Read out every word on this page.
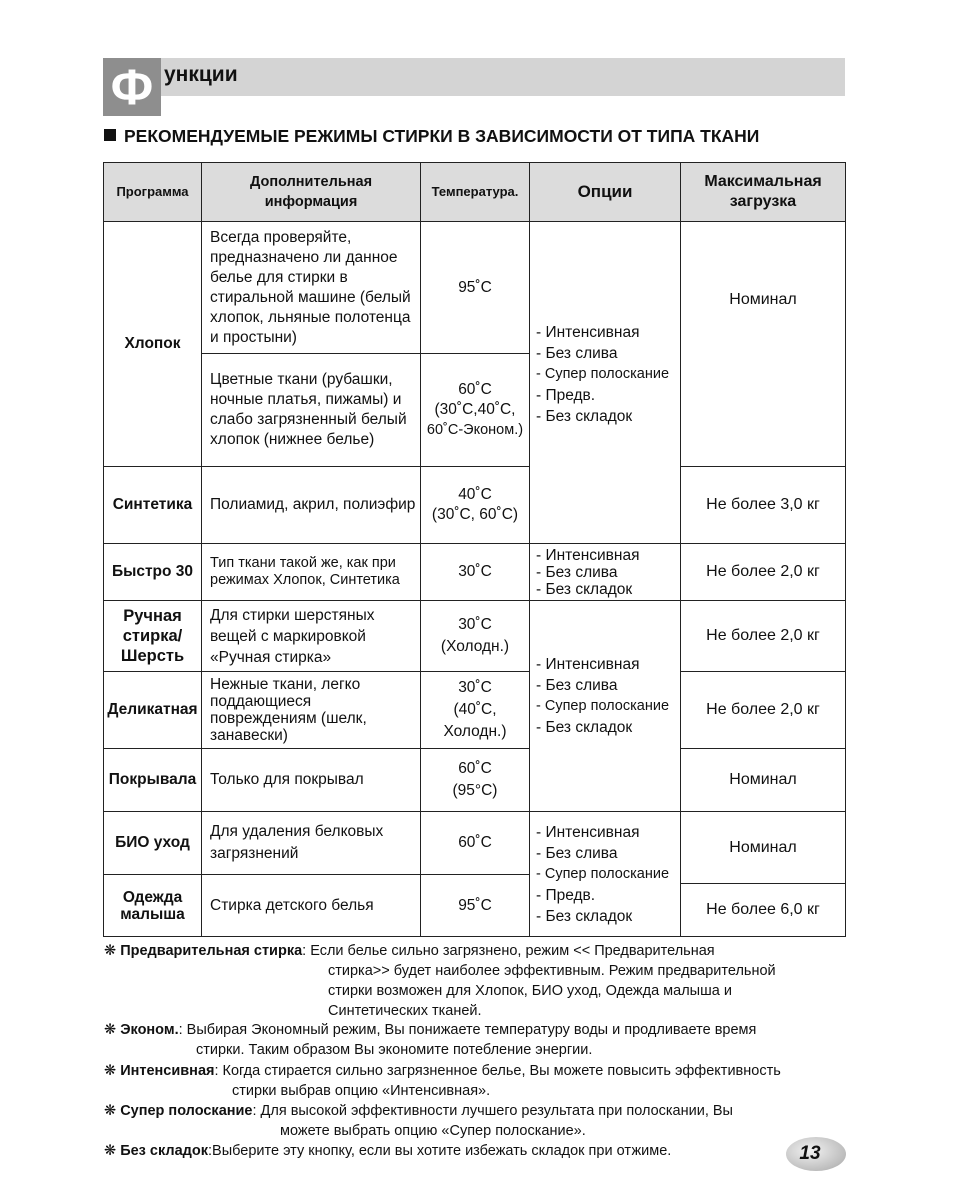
Ф ункции
РЕКОМЕНДУЕМЫЕ РЕЖИМЫ СТИРКИ В ЗАВИСИМОСТИ ОТ ТИПА ТКАНИ
Программа
Дополнительная информация
Температура.	Опции
Максимальная загрузка
Хлопок
Синтетика
Быстро 30
Ручная стирка/ Шерсть
Деликатная
Покрывала
БИО уход
Одежда малыша
Всегда проверяйте, предназначено ли данное белье для стирки в стиральной машине (белый хлопок, льняные полотенца и простыни)
Цветные ткани (рубашки, ночные платья, пижамы) и слабо загрязненный белый хлопок (нижнее белье)
Полиамид, акрил, полиэфир
Тип ткани такой же, как при режимах Хлопок, Синтетика
Для стирки шерстяных вещей с маркировкой «Ручная стирка»
Нежные ткани, легко поддающиеся повреждениям (шелк, занавески)
Только для покрывал
Для удаления белковых загрязнений
Стирка детского белья
95˚C
60˚C
(30˚C,40˚C,
60˚C-Эконом.)
40˚C
(30˚C, 60˚C)
30˚C
30˚C
(Холодн.)
30˚C
(40˚C,
Холодн.)
60˚C
(95°C)
60˚C
95˚C
- Интенсивная
- Без слива
- Супер полоскание
- Предв.
- Без складок
- Интенсивная
- Без слива
- Без складок
- Интенсивная
- Без слива
- Супер полоскание
- Без складок
- Интенсивная
- Без слива
- Супер полоскание
- Предв.
- Без складок
Номинал
Не более 3,0 кг
Не более 2,0 кг
Не более 2,0 кг
Не более 2,0 кг
Номинал
Номинал
Не более 6,0 кг
❋ Предварительная стирка: Если белье сильно загрязнено, режим << Предварительная
стирка>> будет наиболее эффективным. Режим предварительной
стирки возможен для Хлопок, БИО уход, Одежда малыша и
Синтетических тканей.
❋ Эконом.: Выбирая Экономный режим, Вы понижаете температуру воды и продливаете время
стирки. Таким образом Вы экономите потебление энергии.
❋ Интенсивная: Когда стирается сильно загрязненное белье, Вы можете повысить эффективность
стирки выбрав опцию «Интенсивная».
❋ Супер полоскание: Для высокой эффективности лучшего результата при полоскании, Вы
можете выбрать опцию «Супер полоскание».
❋ Без складок:Выберите эту кнопку, если вы хотите избежать складок при отжиме.	13
